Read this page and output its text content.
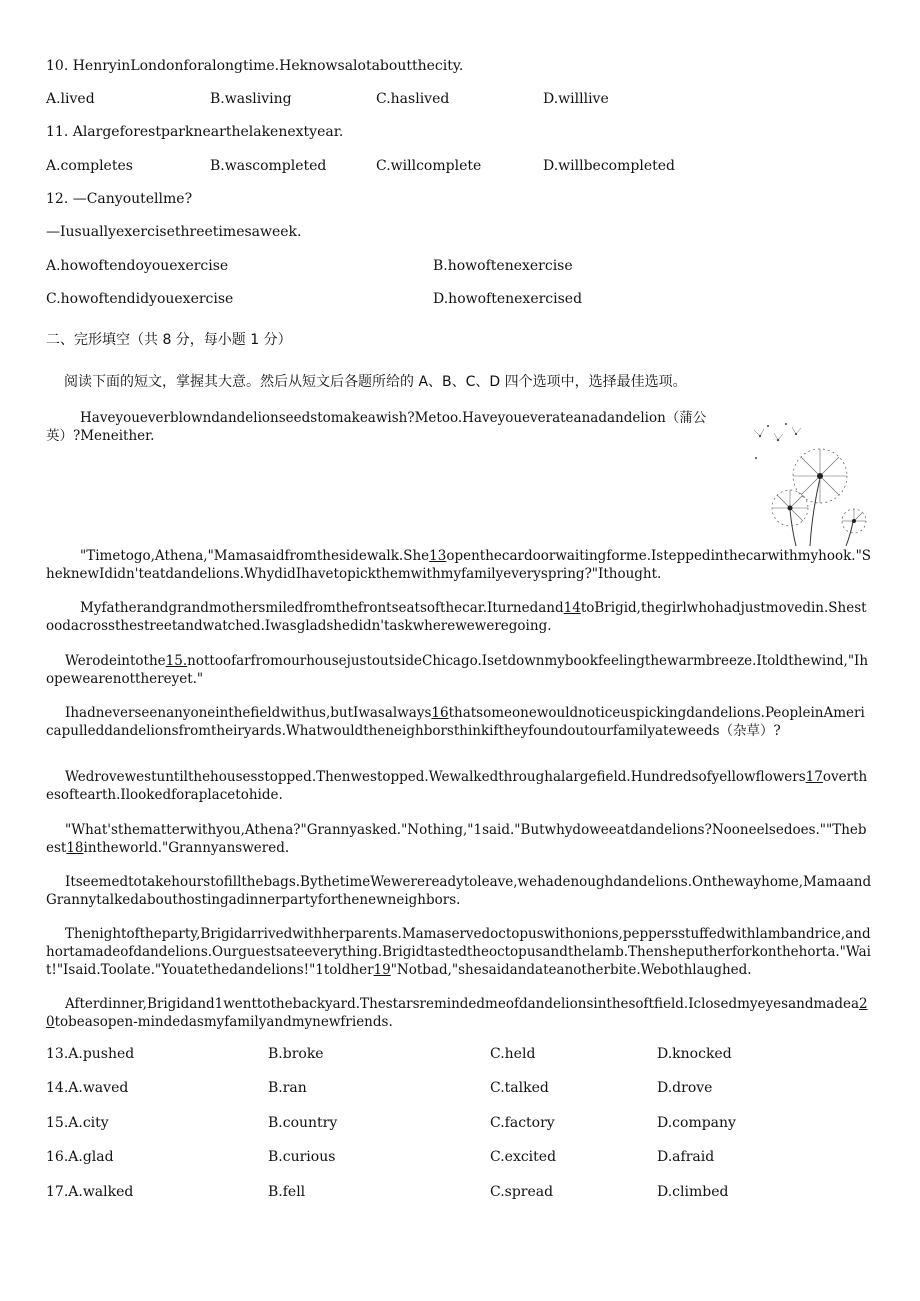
10. HenryinLondonforalongtime.Heknowsalotaboutthecity.
A.lived	B.wasliving	C.haslived	D.willlive
11. Alargeforestparknearthelakenextyear.
A.completes	B.wascompleted	C.willcomplete	D.willbecompleted
12. —Canyoutellme?
—Iusuallyexercisethreetimesaweek.
A.howoftendoyouexercise	B.howoftenexercise
C.howoftendidyouexercise	D.howoftenexercised
二、完形填空（共 8 分，每小题 1 分）
阅读下面的短文，掌握其大意。然后从短文后各题所给的 A、B、C、D 四个选项中，选择最佳选项。
Haveyoueverblowndandelionseedstomakeawish?Metoo.Haveyoueverateanadandelion（蒲公英）?Meneither.
"Timetogo,Athena,"Mamasaidfromthesidewalk.She13openthecardoorwaitingforme.Isteppedinthecarwithmyhook."SheknewIdidn'teatdandelions.WhydidIhavetopickthemwithmyfamilyeveryspring?"Ithought.
Myfatherandgrandmothersmiledfromthefrontseatsofthecar.Iturnedand14toBrigid,thegirlwhohadjustmovedin.Shestoodacrossthestreetandwatched.Iwasgladshedidn'taskwhereweweregoing.
Werodeintothe15.nottoofarfromourhousejustoutsideChicago.Isetdownmybookfeelingthewarmbreeze.Itoldthewind,"Ihopewearenotthereyet."
Ihadneverseenanyoneinthefieldwithus,butIwasalways16thatsomeonewouldnoticeuspickingdandelions.PeopleinAmericapulleddandelionsfromtheiryards.Whatwouldtheneighborsthinkiftheyfoundoutourfamilyateweeds（杂草）?
Wedrovewestuntilthehousesstopped.Thenwestopped.Wewalkedthroughalargefield.Hundredsofyellowflowers17overthesoftearth.Ilookedforaplacetohide.
"What'sthematterwithyou,Athena?"Grannyasked."Nothing,"1said."Butwhydoweeatdandelions?Nooneelsedoes.""Thebest18intheworld."Grannyanswered.
Itseemedtotakehourstofillthebags.BythetimeWewerereadytoleave,wehadenoughdandelions.Onthewayhome,MamaandGrannytalkedabouthostingadinnerpartyforthenewneighbors.
Thenightoftheparty,Brigidarrivedwithherparents.Mamaservedoctopuswithonions,peppersstuffedwithlambandrice,andhortamadeofdandelions.Ourguestsateeverything.Brigidtastedtheoctopusandthelamb.Thensheputherforkonthehorta."Wait!"Isaid.Toolate."Youatethedandelions!"1toldher19"Notbad,"shesaidandateanotherbite.Webothlaughed.
Afterdinner,Brigidand1wenttothebackyard.Thestarsremindedmeofdandelionsinthesoftfield.Iclosedmyeyesandmadea20tobeasopen-mindedasmyfamilyandmynewfriends.
13.A.pushed	B.broke	C.held	D.knocked
14.A.waved	B.ran	C.talked	D.drove
15.A.city	B.country	C.factory	D.company
16.A.glad	B.curious	C.excited	D.afraid
17.A.walked	B.fell	C.spread	D.climbed
